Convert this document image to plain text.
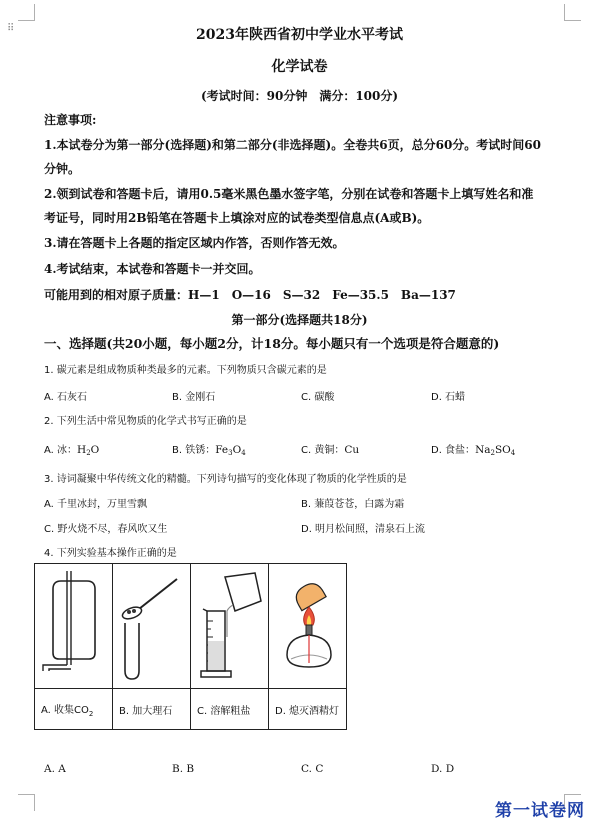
⠿	2023年陕西省初中学业水平考试
化学试卷
(考试时间：90分钟　满分：100分)
注意事项:
1.本试卷分为第一部分(选择题)和第二部分(非选择题)。全卷共6页，总分60分。考试时间60
分钟。
2.领到试卷和答题卡后，请用0.5毫米黑色墨水签字笔，分别在试卷和答题卡上填写姓名和准
考证号，同时用2B铅笔在答题卡上填涂对应的试卷类型信息点(A或B)。
3.请在答题卡上各题的指定区域内作答，否则作答无效。
4.考试结束，本试卷和答题卡一并交回。
可能用到的相对原子质量：H—1　O—16　S—32　Fe—35.5　Ba—137
第一部分(选择题共18分)
一、选择题(共20小题，每小题2分，计18分。每小题只有一个选项是符合题意的)
1. 碳元素是组成物质种类最多的元素。下列物质只含碳元素的是
A. 石灰石	B. 金刚石	C. 碳酸	D. 石蜡
2. 下列生活中常见物质的化学式书写正确的是
A. 冰：$H_2O$	B. 铁锈：$Fe_3O_4$	C. 黄铜：Cu	D. 食盐：$Na_2SO_4$
3. 诗词凝聚中华传统文化的精髓。下列诗句描写的变化体现了物质的化学性质的是
A. 千里冰封，万里雪飘	B. 蒹葭苍苍，白露为霜
C. 野火烧不尽，春风吹又生	D. 明月松间照，清泉石上流
4. 下列实验基本操作正确的是

A. 收集$CO_2$	B. 加大理石	C. 溶解粗盐	D. 熄灭酒精灯
A. A	B. B	C. C	D. D
第一试卷网
